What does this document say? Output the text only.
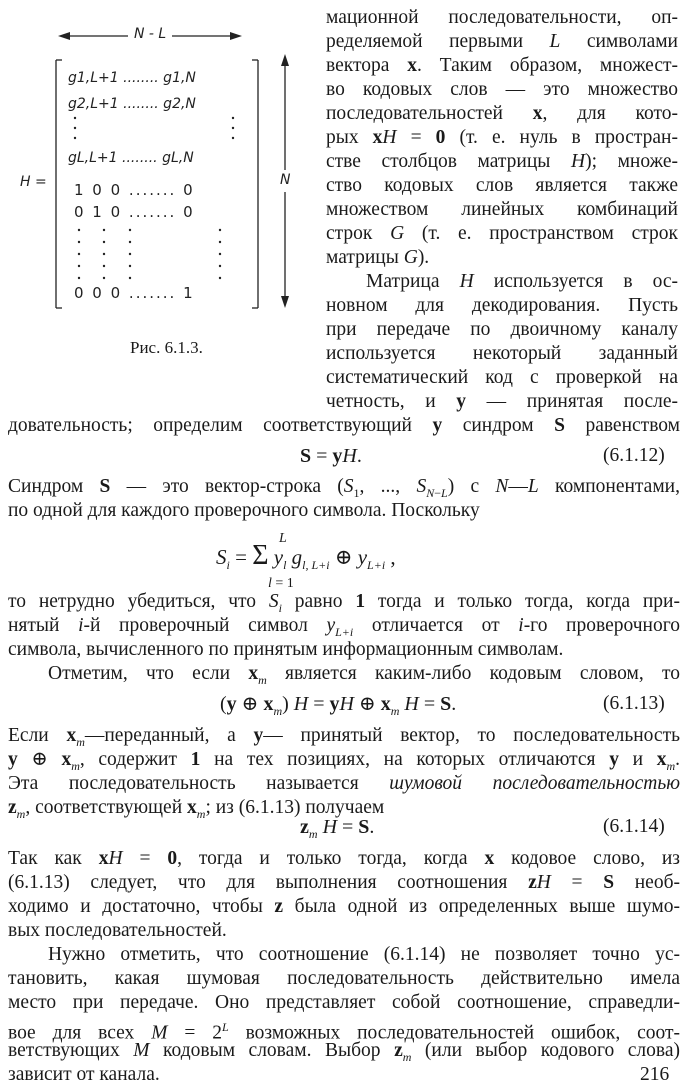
N - L
N
H =
g1,L+1 ........ g1,N
g2,L+1 ........ g2,N
gL,L+1 ........ gL,N
1 0 0 ....... 0
0 1 0 ....... 0
0 0 0 ....... 1
Рис. 6.1.3.
мационной последовательности, оп-
ределяемой первыми L символами
вектора x. Таким образом, множест-
во кодовых слов — это множество
последовательностей x, для кото-
рых xH = 0 (т. е. нуль в простран-
стве столбцов матрицы H); множе-
ство кодовых слов является также
множеством линейных комбинаций
строк G (т. е. пространством строк
матрицы G).
Матрица H используется в ос-
новном для декодирования. Пусть
при передаче по двоичному каналу
используется некоторый заданный
систематический код с проверкой на
четность, и y — принятая после-
довательность; определим соответствующий y синдром S равенством
S = yH.	(6.1.12)
Синдром S — это вектор-строка ($S_1$, ..., $S_{N-L}$) с N—L компонентами,
по одной для каждого проверочного символа. Поскольку
L
$S_i = \Sigma$ $y_l$ $g_{l, L+i}$ ⊕ $y_{L+i}$ ,
l = 1
то нетрудно убедиться, что $S_i$ равно 1 тогда и только тогда, когда при-
нятый i-й проверочный символ $y_{L+i}$ отличается от i-го проверочного
символа, вычисленного по принятым информационным символам.
Отметим, что если $x_m$ является каким-либо кодовым словом, то
(y ⊕ $x_m$) H = yH ⊕ $x_m$ H = S.	(6.1.13)
Если $x_m—переданный$, а y— принятый вектор, то последовательность
y ⊕ $x_m$, содержит 1 на тех позициях, на которых отличаются y и $x_m$.
Эта последовательность называется шумовой последовательностью
$z_m$, соответствующей $x_m$; из (6.1.13) получаем
$z_m$ H = S.	(6.1.14)
Так как xH = 0, тогда и только тогда, когда x кодовое слово, из
(6.1.13) следует, что для выполнения соотношения zH = S необ-
ходимо и достаточно, чтобы z была одной из определенных выше шумо-
вых последовательностей.
Нужно отметить, что соотношение (6.1.14) не позволяет точно ус-
тановить, какая шумовая последовательность действительно имела
место при передаче. Оно представляет собой соотношение, справедли-
вое для всех $M = 2^L$ возможных последовательностей ошибок, соот-
ветствующих M кодовым словам. Выбор $z_m$ (или выбор кодового слова)
зависит от канала.	216
